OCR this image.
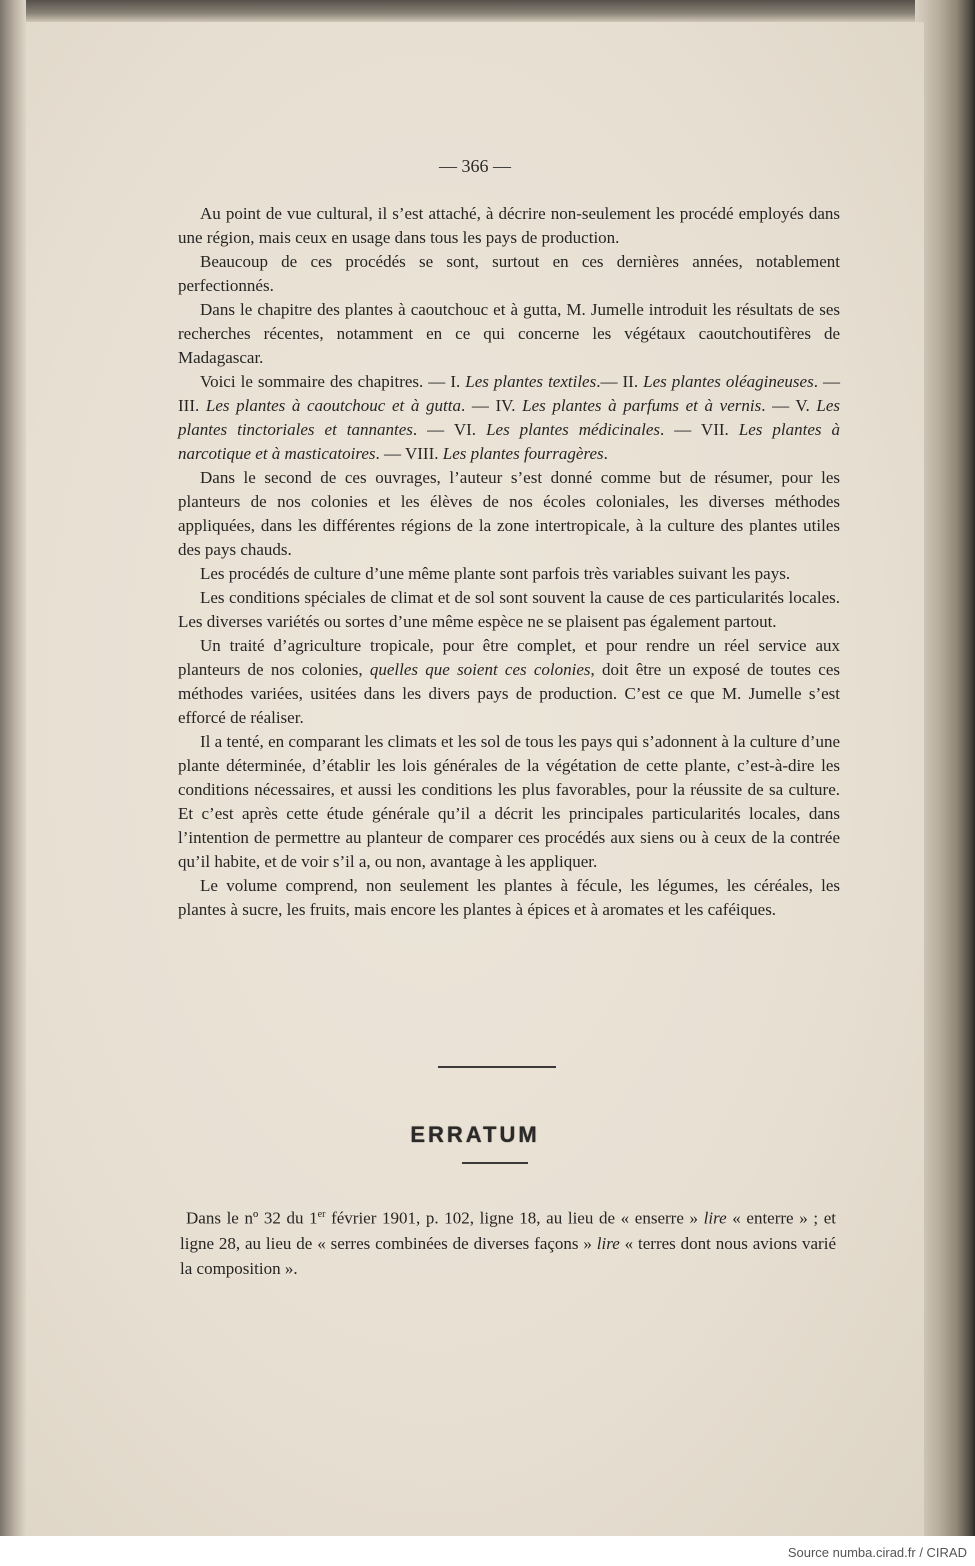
— 366 —

Au point de vue cultural, il s’est attaché, à décrire non-seulement les procédé employés dans une région, mais ceux en usage dans tous les pays de production.

Beaucoup de ces procédés se sont, surtout en ces dernières années, notablement perfectionnés.

Dans le chapitre des plantes à caoutchouc et à gutta, M. Jumelle introduit les résultats de ses recherches récentes, notamment en ce qui concerne les végétaux caoutchoutifères de Madagascar.

Voici le sommaire des chapitres. — I. Les plantes textiles.— II. Les plantes oléagineuses. — III. Les plantes à caoutchouc et à gutta. — IV. Les plantes à parfums et à vernis. — V. Les plantes tinctoriales et tannantes. — VI. Les plantes médicinales. — VII. Les plantes à narcotique et à masticatoires. — VIII. Les plantes fourragères.

Dans le second de ces ouvrages, l’auteur s’est donné comme but de résumer, pour les planteurs de nos colonies et les élèves de nos écoles coloniales, les diverses méthodes appliquées, dans les différentes régions de la zone intertropicale, à la culture des plantes utiles des pays chauds.

Les procédés de culture d’une même plante sont parfois très variables suivant les pays.

Les conditions spéciales de climat et de sol sont souvent la cause de ces particularités locales. Les diverses variétés ou sortes d’une même espèce ne se plaisent pas également partout.

Un traité d’agriculture tropicale, pour être complet, et pour rendre un réel service aux planteurs de nos colonies, quelles que soient ces colonies, doit être un exposé de toutes ces méthodes variées, usitées dans les divers pays de production. C’est ce que M. Jumelle s’est efforcé de réaliser.

Il a tenté, en comparant les climats et les sol de tous les pays qui s’adonnent à la culture d’une plante déterminée, d’établir les lois générales de la végétation de cette plante, c’est-à-dire les conditions nécessaires, et aussi les conditions les plus favorables, pour la réussite de sa culture. Et c’est après cette étude générale qu’il a décrit les principales particularités locales, dans l’intention de permettre au planteur de comparer ces procédés aux siens ou à ceux de la contrée qu’il habite, et de voir s’il a, ou non, avantage à les appliquer.

Le volume comprend, non seulement les plantes à fécule, les légumes, les céréales, les plantes à sucre, les fruits, mais encore les plantes à épices et à aromates et les caféiques.

ERRATUM

Dans le nº 32 du 1er février 1901, p. 102, ligne 18, au lieu de « enserre » lire « enterre » ; et ligne 28, au lieu de « serres combinées de diverses façons » lire « terres dont nous avions varié la composition ».

Source numba.cirad.fr / CIRAD
